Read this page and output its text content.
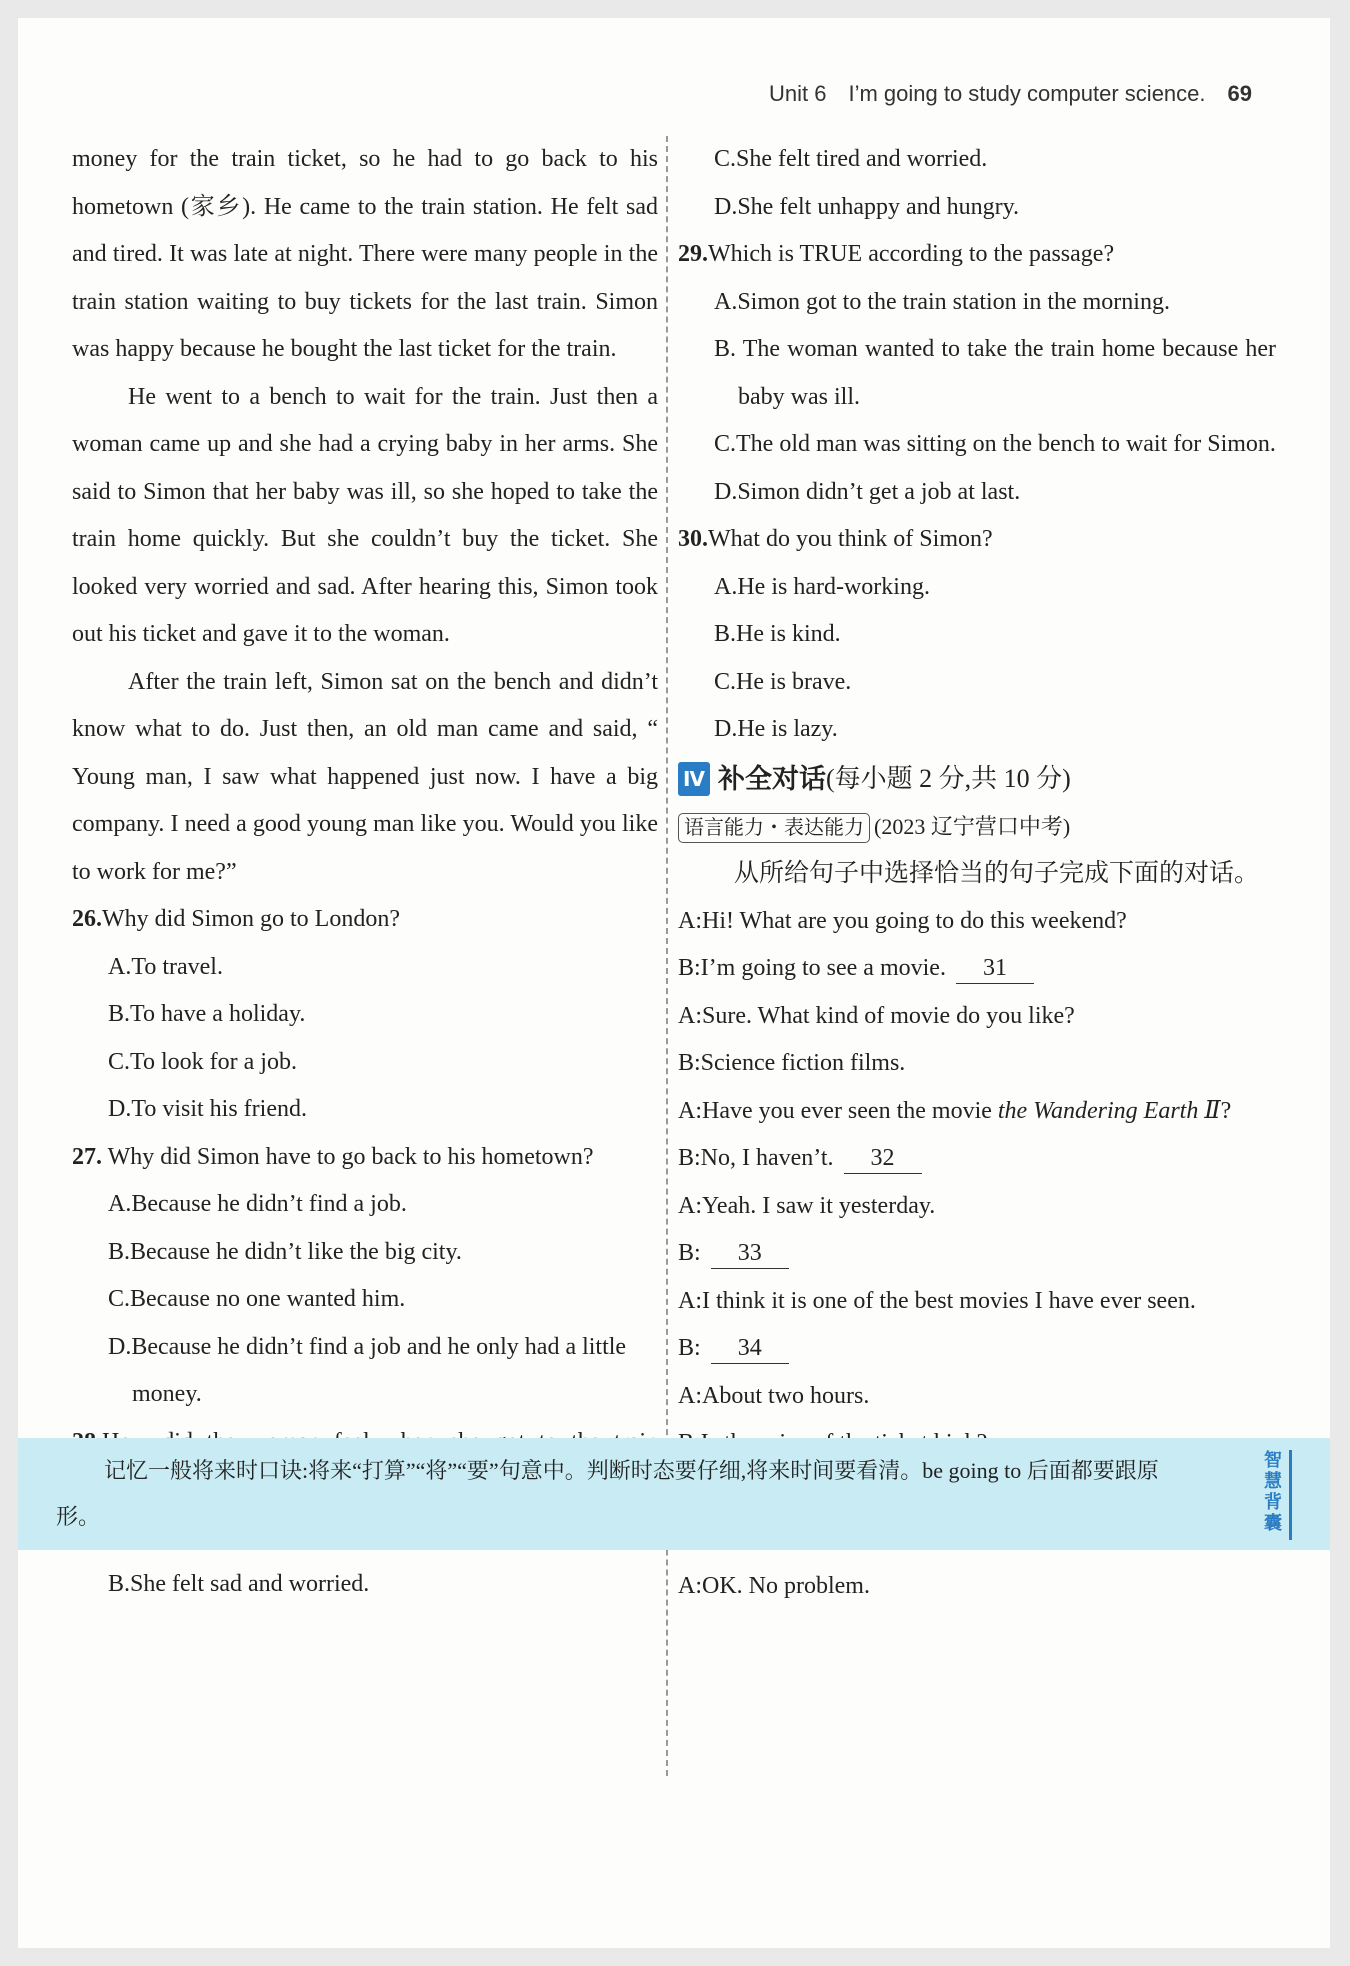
Unit 6 I’m going to study computer science. 69

money for the train ticket, so he had to go back to his hometown (家乡). He came to the train station. He felt sad and tired. It was late at night. There were many people in the train station waiting to buy tickets for the last train. Simon was happy because he bought the last ticket for the train.

He went to a bench to wait for the train. Just then a woman came up and she had a crying baby in her arms. She said to Simon that her baby was ill, so she hoped to take the train home quickly. But she couldn’t buy the ticket. She looked very worried and sad. After hearing this, Simon took out his ticket and gave it to the woman.

After the train left, Simon sat on the bench and didn’t know what to do. Just then, an old man came and said, “ Young man, I saw what happened just now. I have a big company. I need a good young man like you. Would you like to work for me?”

26.Why did Simon go to London?

A.To travel.

B.To have a holiday.

C.To look for a job.

D.To visit his friend.

27. Why did Simon have to go back to his hometown?

A.Because he didn’t find a job.

B.Because he didn’t like the big city.

C.Because no one wanted him.

D.Because he didn’t find a job and he only had a little money.

B.She felt sad and worried.

C.She felt tired and worried.

D.She felt unhappy and hungry.

29.Which is TRUE according to the passage?

A.Simon got to the train station in the morning.

B. The woman wanted to take the train home because her baby was ill.

C.The old man was sitting on the bench to wait for Simon.

D.Simon didn’t get a job at last.

30.What do you think of Simon?

A.He is hard-working.

B.He is kind.

C.He is brave.

D.He is lazy.

Ⅳ 补全对话 (每小题 2 分,共 10 分)

语言能力・表达能力 (2023 辽宁营口中考)

从所给句子中选择恰当的句子完成下面的对话。

A:Hi! What are you going to do this weekend?

B:I’m going to see a movie. 31

A:Sure. What kind of movie do you like?

B:Science fiction films.

A:Have you ever seen the movie the Wandering Earth Ⅱ?

B:No, I haven’t. 32

A:Yeah. I saw it yesterday.

B: 33

A:I think it is one of the best movies I have ever seen.

B: 34

A:About two hours.

A:OK. No problem.

记忆一般将来时口诀:将来“打算”“将”“要”句意中。判断时态要仔细,将来时间要看清。be going to 后面都要跟原形。
智慧背囊
